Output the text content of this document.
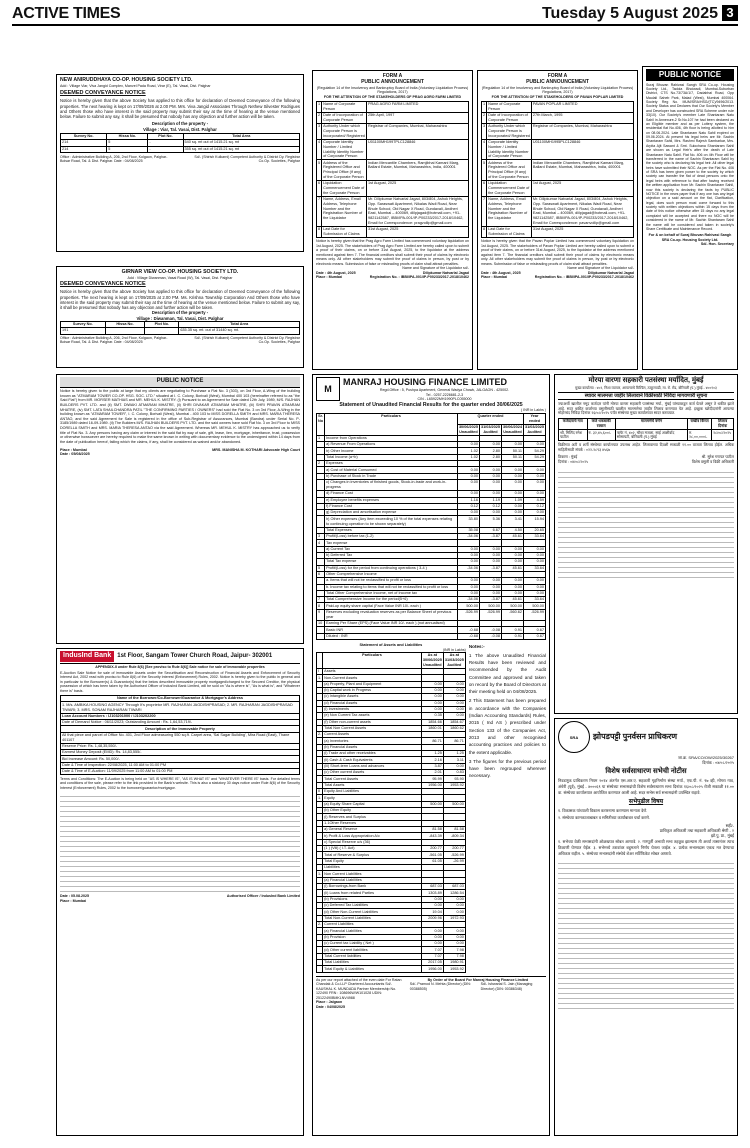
ACTIVE TIMES	Tuesday 5 August 2025 3
NEW ANIRUDDHAYA CO-OP. HOUSING SOCIETY LTD.
Add : Village Viar, Viva Jangid Complex, Manvel Pada Road, Virar (E), Tal. Vasai, Dist. Palghar
DEEMED CONVEYANCE NOTICE
Notice is hereby given that the above Society has applied to this office for declaration of Deemed Conveyance of the following properties. The next hearing is kept on 17/09/2026 at 2.00 PM. Mrs. Viva Jangid Associates Through Nethew Silvester Rodrigues and Others those who have interest in the said property may submit their say at the time of hearing at the venue mentioned below. Failure to submit any say, it shall be presumed that nobody has any objection and further action will be taken.
Description of the property -
Village : Viar, Tal. Vasai, Dist. Palghar
Survey No.	Hissa No.	Plot No.	Total Area
214	5	-	540 sq. mt out of 1415.21 sq. mt
214	5	-	355 sq. mt out of 1415.21 sq. mt
Office : Administrative Building A, 206, 2nd Floor, Kolgaon, Palghar-Boisar Road, Tal. & Dist. Palghar. Date : 04/08/2025
Sd/- (Shirish Kulkarni) Competent Authority & District Dy. Registrar Co.Op. Societies, Palghar
GIRNAR VIEW CO-OP. HOUSING SOCIETY LTD.
Add : Village Diwanman, Vasai Road (W), Tal. Vasai, Dist. Palghar
DEEMED CONVEYANCE NOTICE
Notice is hereby given that the above Society has applied to this office for declaration of Deemed Conveyance of the following properties. The next hearing is kept on 17/09/2025 at 2.00 PM. Ms. Krishna Township Corporation And Others those who have interest in the said property may submit their say at the time of hearing at the venue mentioned below. Failure to submit any say, it shall be presumed that nobody has any objection and further action will be taken.
Description of the property -
Village : Diwanman, Tal. Vasai, Dist. Palghar
Survey No.	Hissa No.	Plot No.	Total Area
191			635.35 sq. mt. out of 31440 sq. mt.
Office : Administrative Building A, 206, 2nd Floor, Kolgaon, Palghar-Boisar Road, Tal. & Dist. Palghar. Date : 04/08/2025
Sd/- (Shirish Kulkarni) Competent Authority & District Dy. Registrar Co.Op. Societies, Palghar
FORM A
PUBLIC ANNOUNCEMENT
(Regulation 14 of the Insolvency and Bankruptcy Board of India (Voluntary Liquidation Process) Regulations, 2017)
FOR THE ATTENTION OF THE STAKEHOLDERS OF PRAG AGRO FARM LIMITED
1	Name of Corporate Person	PRAG AGRO FARM LIMITED
2	Date of Incorporation of Corporate Person	25th April, 1997
3	Authority Under which Corporate Person is Incorporated/ Registered	Registrar of Companies, Mumbai, Maharashtra
4	Corporate Identity Number / Limited Liability Identity Number of Corporate Person	U01100MH1997PLC128846
5	Address of the Registered Office and Principal Office (if any) of the Corporate Person	Indian Mercantile Chambers, Ramjibhai Kamani Marg, Ballard Estate, Mumbai, Maharashtra, India, 400001
6	Liquidation Commencement Date of the Corporate Person	1st August, 2025
7	Name, Address, Email Address, Telephone Number and the Registration Number of the Liquidator	Mr. Dilipkumar Natvarlal Jagad, 803/804, Ashok Heights, Opp. Saraswati Apartment, Nikalas Wadi Road, Near Bhule School, Old Nagar X Road, Gundavali, Andheri East, Mumbai – 400069, dlilpjagad@hotmail.com, +91-9821142587, IBBI/IPA-001/IP-P00233/2017-2018/10462, Email for Correspondence: pragvollip@gmail.com
8	Last Date for Submission of Claims	31st August, 2025
Notice is hereby given that the Prag Agro Farm Limited has commenced voluntary liquidation on 1st August, 2025. The stakeholders of Prag Agro Farm Limited are hereby called upon to submit a proof of their claims, on or before 31st August, 2025, to the liquidator at the address mentioned against item 7. The financial creditors shall submit their proof of claims by electronic means only. All other stakeholders may submit the proof of claims in person, by post or by electronic means. Submission of false or misleading proofs of claim shall attract penalties.
Name and Signature of the Liquidator sd/-
Date : 4th August, 2025	Dilipkumar Natvarlal Jagad
Place : Mumbai	Registration No. : IBBI/IPA-001/IP-P00233/2017-2018/10462
FORM A
PUBLIC ANNOUNCEMENT
(Regulation 14 of the Insolvency and Bankruptcy Board of India (Voluntary Liquidation Process) Regulations, 2017)
FOR THE ATTENTION OF THE STAKEHOLDERS OF PAVAN POPLAR LIMITED
1	Name of Corporate Person	PAVAN POPLAR LIMITED
2	Date of Incorporation of Corporate Person	27th March, 1995
3	Authority Under which Corporate Person is Incorporated/ Registered	Registrar of Companies, Mumbai, Maharashtra
4	Corporate Identity Number / Limited Liability Identity Number of Corporate Person	U01100MH1995PLC128846
5	Address of the Registered Office and Principal Office (if any) of the Corporate Person	Indian Mercantile Chambers, Ramjibhai Kamani Marg, Ballard Estate, Mumbai, Maharashtra, India, 400001
6	Liquidation Commencement Date of the Corporate Person	1st August, 2025
7	Name, Address, Email Address, Telephone Number and the Registration Number of the Liquidator	Mr. Dilipkumar Natvarlal Jagad, 803/804, Ashok Heights, Opp. Saraswati Apartment, Nikalas Wadi Road, Near Bhule School, Old Nagar X Road, Gundavali, Andheri East, Mumbai – 400069, dlilpjagad@hotmail.com, +91-9821142587, IBBI/IPA-001/IP-P00233/2017-2018/10462, Email for Correspondence: pavanvollip@gmail.com
8	Last Date for Submission of Claims	31st August, 2025
Notice is hereby given that the Pavan Poplar Limited has commenced voluntary liquidation on 1st August, 2025. The stakeholders of Pavan Poplar Limited are hereby called upon to submit a proof of their claims, on or before 31st August, 2025, to the liquidator at the address mentioned against item 7. The financial creditors shall submit their proof of claims by electronic means only. All other stakeholders may submit the proof of claims in person, by post or by electronic means. Submission of false or misleading proofs of claim shall attract penalties.
Name and Signature of the Liquidator sd/-
Date : 4th August, 2025	Dilipkumar Natvarlal Jagad
Place : Mumbai	Registration No. : IBBI/IPA-001/IP-P00233/2017-2018/10462
PUBLIC NOTICE
Suraj Bhuvan Rahivasi Sangh SRA Co-op. Housing Society Ltd., Tadola Bhoiwadi, Mumbai-Suburban District, CTS No.73/73A/1/7, Dadabhai Road, Opp Maulali Saheb Park, Malad (West), Mumbai 400064. Society Reg No. MUM/SRA/HSG/(TC)/9496/2013. Society Status and Declares that Our Society's Member and Developer has constructed SRA Scheme under rule 33(10). Our Society's member Late Shantaram Natu Sahil in Annexure-2 Sr.No.107 he had been declared as an Eligible member and as per Lottery system, the residential flat No.406, 4th floor is being allotted to him on 08.06.2024. Late Shantaram Natu Sahil expired on 09.06.2024. At present his legal heirs are Mr. Sachin Shantaram Sahil, Mrs. Rashmi Rajesh Sambarkar, Mrs. Arpita Ajit Sawant & Smt. Sulochana Shantaram Sahil are shown as Legal Heir's after the death of Late Shantaram Natu Sahil. Flat No. 406 on 4th Floor will be transferred in the name of Sachin Shantaram Sahil by the society who is declaring his legal heir. All other legal heirs have submitted their NOC. As per the Flat No. 406 of SRA has been given power to the society by which society can transfer the flat of dead persons onto the legal heirs with reference to that after having received the written application from Mr. Sachin Shantaram Sahil, now this society is declaring the facts by PUBLIC NOTICE in the news paper that if any one has any legal objection on a said amount on the flat, Clarification, legal, does such person must come forward to this society with written objections within 15 days from the date of this notice otherwise after 15 days no any legal complaint will be accepted and there no NOC will be considered in the name of Mr. Sachin Shantaram Sahil the name will be considered and taken in society's Share Certificate and Maintenance Record.
For & on behalf of Suraj Bhuvan Rahivasi Sangh SRA Co-op. Housing Society Ltd.
Sd/- Hon. Secretary
PUBLIC NOTICE
Notice is hereby given to the public at large that my clients are negotiating to Purchase a Flat No. 3 (303), on 3rd Floor, A-Wing of the building known as "ATMARAM TOWER CO-OP. HSG. SOC. LTD." situated at I. C. Colony, Borivali (West), Mumbai 400 103 (hereinafter referred to as "the Said Flat") from MR. MORSER MATHIAS and MR. MEHUL K. MISTRY. (i) Pursuant to an Agreement for Sale dated 12th July, 1989, M/S. RAJHAN BUILDERS PVT. LTD. and (ii) SMT. DIWAKI ATMARAM MHATRE, (ii) SHRI DIVAKAR ATMARAM MHATRE, (iii) SHRI PRAVIN ATMARAM MHATRE, (iv) SMT. LATA SHAILCHANDRA PATIL "THE CONFIRMING PARTIES / OWNERS" had sold the Flat No. 3 on 3rd Floor, A-Wing in the building known as "ATMARAM TOWER", I. C. Colony, Borivali (West), Mumbai - 400 103 to MISS DORELLA SMITH and MRS. MARIA THERESA ANTAO, and the said Agreement for Sale is registered in the office of Sub-Registrar of Assurances, Mumbai (Bandra) under Serial No. P-3185/1989 dated 16-09-1989. (ii) The Builders M/S. RAJHAN BUILDERS PVT. LTD. and the said owners have sold Flat No. 3 on 3rd Floor to MISS DORELLA SMITH and MRS. MARIA THERESA ANTAO via the said Agreement. Whereas MR. MEHUL K. MISTRY has approached us to verify title of Flat No. 3. Any persons having any claim or interest in the said flat by way of sale, gift, lease, lien, mortgage, inheritance, trust, possession or otherwise howsoever are hereby required to make the same known in writing with documentary evidence to the undersigned within 14 days from the date of publication hereof, failing which the claims, if any, shall be considered as waived and/or abandoned.
Place : Mumbai
Date : 05/08/2025
MRS. MANISHA M. KOTHARI Advocate High Court
IndusInd Bank	1st Floor, Sangam Tower Church Road, Jaipur- 302001
APPENDIX-II under Rule 8(6) [See proviso to Rule 8(6)] Sale notice for sale of immovable properties
E-Auction Sale Notice for sale of immovable Assets under the Securitisation and Reconstruction of Financial Assets and Enforcement of Security Interest Act, 2002 read with proviso to Rule 8(6) of the Security Interest (Enforcement) Rules, 2002. Notice is hereby given to the public in general and in particular to the Borrower(s) & Guarantor(s) that the below described immovable property mortgaged/charged to the Secured Creditor, the physical possession of which has been taken by the Authorised Officer of IndusInd Bank Limited, will be sold on "As is where is", "As is what is", and "Whatever there is" basis.
Name of the Borrower/Co-Borrower/Guarantor & Mortgagor's Address
1. M/s. AMBIKA HOUSING AGENCY Through It's proprietor MR. RAJHARAN JAGDISHPRASAD; 2. MR. RAJHARAN JAGDISHPRASAD TIWARI; 3. MRS. SONAM RAJHARAN TIWARI
Loan Account Numbers : IJ103201000 / IJ103202200
Date of Demand Notice : 06/11/2023; Outstanding Amount : Rs. 1,64,53,719/-
Description of the Immovable Property
All that piece and parcel of Office No. 401, 2nd Floor admeasuring 550 sq.ft. Carpet area, 'Sai Sagar Building', Mira Road (East), Thane 401107
Reserve Price: Rs. 1,48,35,550/-
Earnest Money Deposit (EMD): Rs. 14,83,555/-
Bid Increase Amount: Rs. 50,000/-
Date & Time of Inspection: 22/08/2025, 11:00 AM to 01:00 PM
Date & Time of E-Auction: 11/09/2025 from 11:00 AM to 01:00 PM
Terms and Conditions: The E-Auction is being held on "AS IS WHERE IS", "AS IS WHAT IS" and "WHATEVER THERE IS" basis. For detailed terms and conditions of the sale, please refer to the link provided in the Bank's website. This is also a statutory 30 days notice under Rule 8(6) of the Security Interest (Enforcement) Rules, 2002 to the borrower/guarantor/mortgagor.
Date : 05.08.2025
Place : Mumbai
Authorised Officer / IndusInd Bank Limited
M
MANRAJ HOUSING FINANCE LIMITED
Regd.Office : 5, Pushpa Apartment, General Wadya Chowk, JALGAON - 425002.
Tel - 0257-2226681-2-3
CIN - L65922MH1990PLC055000
Statement of Unaudited Financial Results for the quarter ended 30/06/2025
( INR in Lakhs )
Sr. No	Particulars	Quarter ended			Year ended
		30/06/2025 Unaudited	31/03/2025 Audited	30/06/2024 Unaudited	31/03/2025 Audited
1	Income from Operations				
	a) Revenue From Operations	0.00	0.00	0.00	0.00
	b) Other Income	1.02	2.80	50.11	54.29
	Total Income (a+b)	1.02	2.80	50.11	54.29
2	Expenses				
	a) Cost of Material Consumed	0.00	0.00	0.00	0.00
	b) Purchase of Stock in Trade	0.00	0.00	0.00	0.00
	c) Changes in inventories of finished goods, Stock-in-trade and work-in-progress	0.00	0.00	0.00	0.00
	d) Finance Cost	0.00	0.00	0.00	0.00
	e) Employee benefits expenses	1.16	1.19	1.09	4.59
	f) Finance Cost	0.12	0.12	0.00	0.12
	g) Depreciation and amortisation expense	0.00	0.00	0.00	0.00
	h) Other expenses (Any item exceeding 10 % of the total expenses relating to continuing operation to be shown separately)	33.80	5.36	3.41	15.94
	Total Expenses	35.08	6.67	4.50	20.65
3	Profit/(Loss) before tax (1-2)	-34.06	-3.87	45.61	33.64
4	Tax expense				
	a) Current Tax	0.00	0.00	0.00	0.00
	b) Deferred Tax	0.00	0.00	0.00	0.00
	Total Tax expense	0.00	0.00	0.00	0.00
5	Profit/(Loss) for the period from continuing operations ( 3-4 )	-34.06	-3.87	45.61	33.64
6	Other Comprehensive Income				
	a. Items that will not be reclassified to profit or loss	0.00	0.00	0.00	0.00
	b. Income tax relating to items that will not be reclassified to profit or loss	0.00	0.00	0.00	0.00
	Total Other Comprehensive Income, net of Income tax	0.00	0.00	0.00	0.00
7	Total Comprehensive Income for the period(5+6)	-34.06	-3.87	45.61	33.64
8	Paid-up equity share capital (Face Value INR 10/- each )	500.00	500.00	500.00	500.00
9	Reserves excluding revaluation reserves as per Balance Sheet of previous year	-526.99	-526.99	-560.62	-526.99
10	Earning Per Share (EPS) (Face Value INR 10/- each ) (not annualised)				
	Basic INR	-0.68	-0.08	0.91	0.67
	Diluted : INR	-0.68	-0.08	0.91	0.67
Statement of Assets and Liabilities
(INR in Lakhs)
	Particulars	As at 30/06/2025 Unaudited	As at 31/03/2025 Audited
I	Assets		
1.	Non-Current Assets		
	(a) Property, Plant and Equipment	0.00	0.00
	(b) Capital work in Progress	0.00	0.00
	(c) Intangible Assets	0.00	0.00
	(d) Financial Assets	0.00	0.00
	(i) Investments	0.00	0.00
	(e) Non Current Tax assets	0.35	0.00
	(f) Other non-current assets	1854.66	1854.67
	Total Non Current Assets	1860.01	1860.62
2.	Current Assets		
	(a) Inventories	86.71	86.71
	(b) Financial Assets		
	(i) Trade and other receivables	1.25	1.25
	(ii) Cash & Cash Equivalents	2.16	3.11
	(iii) Short-term Loans and advances	3.87	0.00
	(c) Other current Assets	2.01	0.83
	Total Current Assets	95.99	93.90
	Total Assets	1956.00	1953.92
II	Equity And Liabilities		
1.	Equity		
	(a) Equity Share Capital	500.00	500.00
	(b) Other Equity		
	(i) Reserves and Surplus		
	1.1Other Reserves		
	a) General Reserve	81.58	81.58
	b) Profit & Loss Appropriation A/c	-843.39	-809.34
	c) Special Reserve u/s (36)		
	(1 ) (Viii) ( I.T. Act)	200.77	200.77
	Total of Reserve & Surplus	-561.05	-526.99
	Total Equity	61.05	-26.99
	Liabilities		
1.	Non Current Liabilities		
	(a) Financial Liabilities		
	(i) Borrowings-from Bank	687.03	687.03
	(ii) Loans from related Parties	1303.89	1286.54
	(b) Provisions	0.00	0.00
	(c) Deferred Tax Liabilities	0.00	0.00
	(d) Other Non-Current Liabilities	19.04	0.00
	Total Non-Current Liabilities	2009.96	1972.93
2.	Current Liabilities		
	(a) Financial Liabilities	0.00	0.00
	(b) Provision	0.00	0.00
	(c) Current tax Liability ( Net )	0.00	0.00
	(d) Other current liabilities	7.07	7.98
	Total Current liabilities	7.07	7.98
	Total Liabilities	2017.05	1980.91
	Total Equity & Liabilities	1956.00	1953.92
Notes:-
1 The above Unaudited Financial Results have been reviewed and recommended by the Audit Committee and approved and taken on record by the Board of Directors at their meeting held on 04/08/2025.
2 This Statement has been prepared in accordance with the Companies (Indian Accounting Standards) Rules, 2015 ( Ind AS ) prescribed under Section 133 of the Companies Act, 2013 and other recognised accounting practices and policies to the extent applicable.
3 The figures for the previous period have been regrouped wherever necessary.
As per our report attached of the even date For Ratan Chandak & Co.LLP Chartered Accountants Sd/- KAUSHAL K. MUNDADA Partner Membership No. 122490 FRN : 108696W/W101028 UDIN: 25122490BMKLNV4988
By Order of the Board For Manraj Housing Finance Limited
Sd/- Pramod N. Mehta (Director) (DIN: 00388505)
Sd/- Ishwarlal S. Jain (Managing Director) (DIN: 00386348)
Place : Jalgaon
Date : 04/08/2025
मोरया वारणा सहकारी पतसंस्था मर्यादित, मुंबई
मुख्य कार्यालय : ४०२, निशा व्यापार, आपल्याचे बिल्डिंग, ठाकूरवाडी, मा. रो. रोड, बोरिवली (प.) मुंबई - ४००१०३
स्थावर मालमत्ता जाहीर लिलावाने विक्रीसाठी निविदा मागवणारी सूचना
ज्याअर्थी खालील नमूद कर्जदार यांनी मोरया वारणा सहकारी पतसंस्था मर्या., मुंबई यांच्याकडून कर्ज घेतले असून ते थकीत झाले आहे. सदर थकीत कर्जाच्या वसुलीसाठी खालील मालमत्तेचा जाहीर लिलाव करण्यात येत आहे. इच्छुक खरेदीदारांनी आपल्या मोहोरबंद निविदा दिनांक २६/०८/२०२५ पर्यंत संस्थेच्या मुख्य कार्यालयात सादर कराव्यात.
कर्जदाराचे नाव	कर्ज थकबाकी रक्कम	मालमत्तेचे वर्णन	राखीव किंमत	लिलाव दिनांक
श्री. मिलिंद रमेश पाटील	रु. ३२,४५,६००/-	फ्लॅट नं. ४०२, चौथा मजला, साई आशीर्वाद सोसायटी, बोरिवली (प.) मुंबई	रु. २८,००,०००/-	२८/०८/२०२५
विक्रीच्या अटी व शर्ती संस्थेच्या कार्यालयात उपलब्ध आहेत. लिलावाच्या दिवशी सकाळी ११.०० वाजता लिलाव होईल. अधिक माहितीसाठी संपर्क : ०२२-२८९३ ४५६७
ठिकाण : मुंबई
दिनांक : ०४/०८/२०२५
श्री. सुरेश गणपत पाटील
विशेष वसुली व विक्री अधिकारी
SRA	झोपडपट्टी पुनर्वसन प्राधिकरण
जा.क्र. SRA/CO/OW/2025/30267
दिनांक : ०४/०८/२०२५
विशेष सर्वसाधारण सभेची नोटीस
निवडणूक प्राधिकरण नियम २०१४ अंतर्गत एस.आर.ए. सहकारी गृहनिर्माण संस्था मर्या., एफ.पी. नं. ९७ व्ही, मोगरा गाव, अंधेरी (पूर्व), मुंबई - ४०००६९ या संस्थेच्या सभासदांची विशेष सर्वसाधारण सभा दिनांक १६/०८/२०२५ रोजी सकाळी ११.०० वा. संस्थेच्या कार्यालयात आयोजित करण्यात आली आहे. सदर सभेस सर्व सभासदांनी उपस्थित राहावे.
सभेपुढील विषय
१. विकासक यांच्याशी विकास करारनामा करण्यास मान्यता देणे.
२. संस्थेच्या कामकाजाबाबत व समितीच्या कार्याबाबत चर्चा करणे.
सही/-
प्राधिकृत अधिकारी तथा सहकारी अधिकारी श्रेणी - २
झो.पु. प्रा., मुंबई
१. सभेच्या वेळी सभासदांनी ओळखपत्र सोबत आणावे. २. गणपूर्ती अभावी सभा तहकूब झाल्यास ती अर्ध्या तासानंतर त्याच ठिकाणी घेण्यात येईल. ३. सभेमध्ये ठरावांवर बहुमताने निर्णय घेतला जाईल. ४. प्रत्येक सभासदास एकच मत देण्याचा अधिकार राहील. ५. संस्थेच्या सभासदांनी संस्थेचे शेअर सर्टिफिकेट सोबत आणावे.
